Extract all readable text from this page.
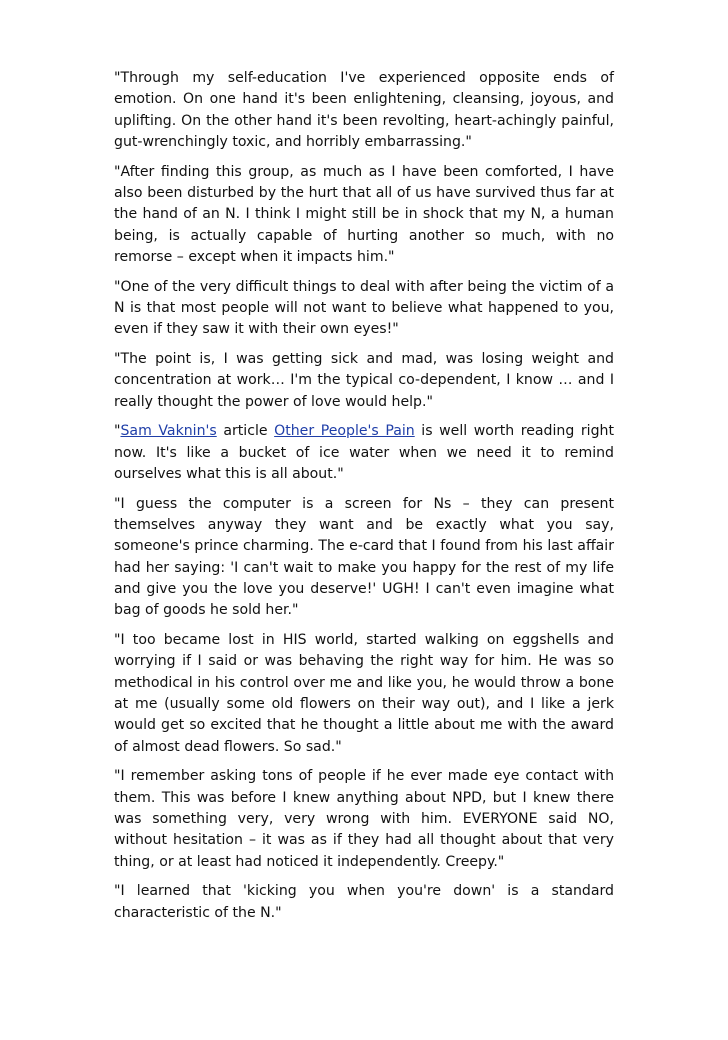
"Through my self-education I've experienced opposite ends of emotion. On one hand it's been enlightening, cleansing, joyous, and uplifting. On the other hand it's been revolting, heart-achingly painful, gut-wrenchingly toxic, and horribly embarrassing."

"After finding this group, as much as I have been comforted, I have also been disturbed by the hurt that all of us have survived thus far at the hand of an N. I think I might still be in shock that my N, a human being, is actually capable of hurting another so much, with no remorse – except when it impacts him."

"One of the very difficult things to deal with after being the victim of a N is that most people will not want to believe what happened to you, even if they saw it with their own eyes!"

"The point is, I was getting sick and mad, was losing weight and concentration at work… I'm the typical co-dependent, I know … and I really thought the power of love would help."

"Sam Vaknin's article Other People's Pain is well worth reading right now. It's like a bucket of ice water when we need it to remind ourselves what this is all about."

"I guess the computer is a screen for Ns – they can present themselves anyway they want and be exactly what you say, someone's prince charming. The e-card that I found from his last affair had her saying: 'I can't wait to make you happy for the rest of my life and give you the love you deserve!' UGH! I can't even imagine what bag of goods he sold her."

"I too became lost in HIS world, started walking on eggshells and worrying if I said or was behaving the right way for him. He was so methodical in his control over me and like you, he would throw a bone at me (usually some old flowers on their way out), and I like a jerk would get so excited that he thought a little about me with the award of almost dead flowers. So sad."

"I remember asking tons of people if he ever made eye contact with them. This was before I knew anything about NPD, but I knew there was something very, very wrong with him. EVERYONE said NO, without hesitation – it was as if they had all thought about that very thing, or at least had noticed it independently. Creepy."

"I learned that 'kicking you when you're down' is a standard characteristic of the N."
